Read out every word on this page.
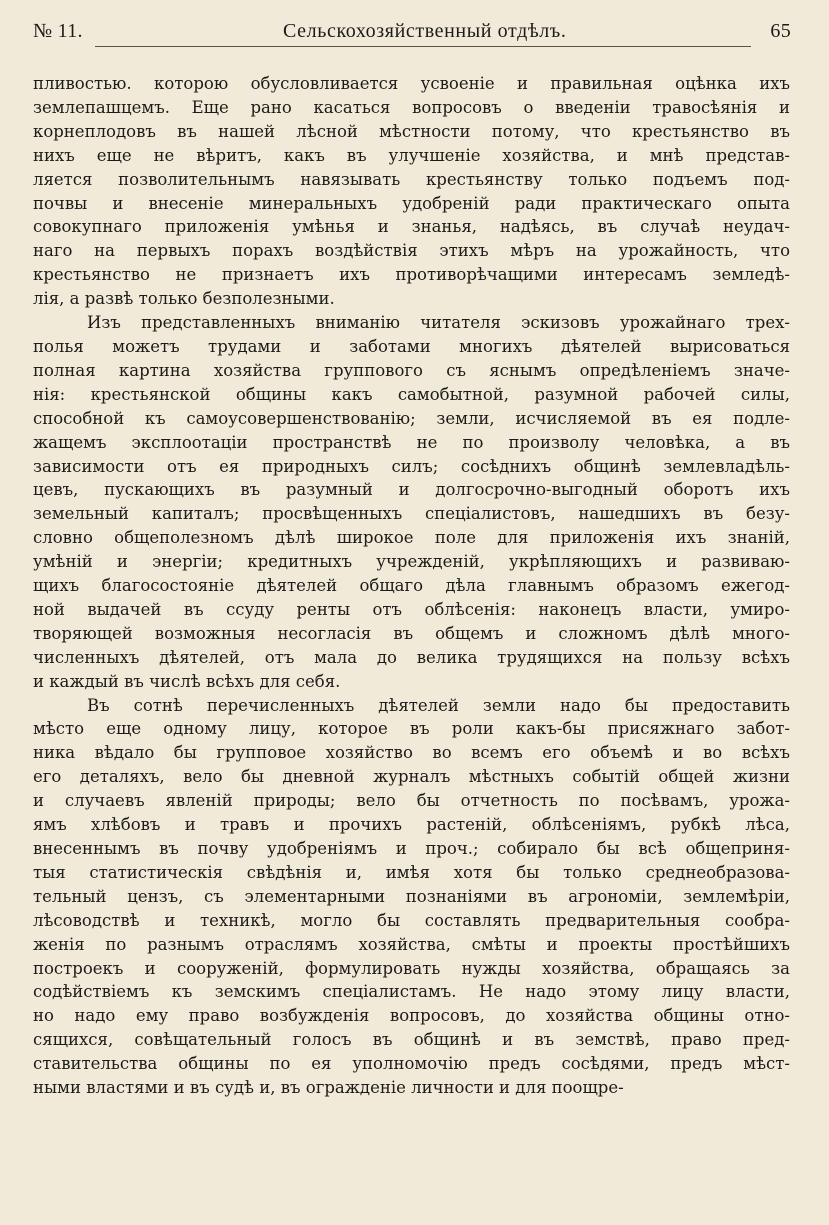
№ 11.	Сельскохозяйственный отдѣлъ.	65
пливостью. которою обусловливается усвоеніе и правильная оцѣнка ихъ
землепашцемъ. Еще рано касаться вопросовъ о введеніи травосѣянія и
корнеплодовъ въ нашей лѣсной мѣстности потому, что крестьянство въ
нихъ еще не вѣритъ, какъ въ улучшеніе хозяйства, и мнѣ представ-
ляется позволительнымъ навязывать крестьянству только подъемъ под-
почвы и внесеніе минеральныхъ удобреній ради практическаго опыта
совокупнаго приложенія умѣнья и знанья, надѣясь, въ случаѣ неудач-
наго на первыхъ порахъ воздѣйствія этихъ мѣръ на урожайность, что
крестьянство не признаетъ ихъ противорѣчащими интересамъ земледѣ-
лія, а развѣ только безполезными.
Изъ представленныхъ вниманію читателя эскизовъ урожайнаго трех-
полья можетъ трудами и заботами многихъ дѣятелей вырисоваться
полная картина хозяйства группового съ яснымъ опредѣленіемъ значе-
нія: крестьянской общины какъ самобытной, разумной рабочей силы,
способной къ самоусовершенствованію; земли, исчисляемой въ ея подле-
жащемъ эксплоотаціи пространствѣ не по произволу человѣка, а въ
зависимости отъ ея природныхъ силъ; сосѣднихъ общинѣ землевладѣль-
цевъ, пускающихъ въ разумный и долгосрочно-выгодный оборотъ ихъ
земельный капиталъ; просвѣщенныхъ спеціалистовъ, нашедшихъ въ безу-
словно общеполезномъ дѣлѣ широкое поле для приложенія ихъ знаній,
умѣній и энергіи; кредитныхъ учрежденій, укрѣпляющихъ и развиваю-
щихъ благосостояніе дѣятелей общаго дѣла главнымъ образомъ ежегод-
ной выдачей въ ссуду ренты отъ облѣсенія: наконецъ власти, умиро-
творяющей возможныя несогласія въ общемъ и сложномъ дѣлѣ много-
численныхъ дѣятелей, отъ мала до велика трудящихся на пользу всѣхъ
и каждый въ числѣ всѣхъ для себя.
Въ сотнѣ перечисленныхъ дѣятелей земли надо бы предоставить
мѣсто еще одному лицу, которое въ роли какъ-бы присяжнаго забот-
ника вѣдало бы групповое хозяйство во всемъ его объемѣ и во всѣхъ
его деталяхъ, вело бы дневной журналъ мѣстныхъ событій общей жизни
и случаевъ явленій природы; вело бы отчетность по посѣвамъ, урожа-
ямъ хлѣбовъ и травъ и прочихъ растеній, облѣсеніямъ, рубкѣ лѣса,
внесеннымъ въ почву удобреніямъ и проч.; собирало бы всѣ общеприня-
тыя статистическія свѣдѣнія и, имѣя хотя бы только среднеобразова-
тельный цензъ, съ элементарными познаніями въ агрономіи, землемѣріи,
лѣсоводствѣ и техникѣ, могло бы составлять предварительныя сообра-
женія по разнымъ отраслямъ хозяйства, смѣты и проекты простѣйшихъ
построекъ и сооруженій, формулировать нужды хозяйства, обращаясь за
содѣйствіемъ къ земскимъ спеціалистамъ. Не надо этому лицу власти,
но надо ему право возбужденія вопросовъ, до хозяйства общины отно-
сящихся, совѣщательный голосъ въ общинѣ и въ земствѣ, право пред-
ставительства общины по ея уполномочію предъ сосѣдями, предъ мѣст-
ными властями и въ судѣ и, въ огражденіе личности и для поощре-
